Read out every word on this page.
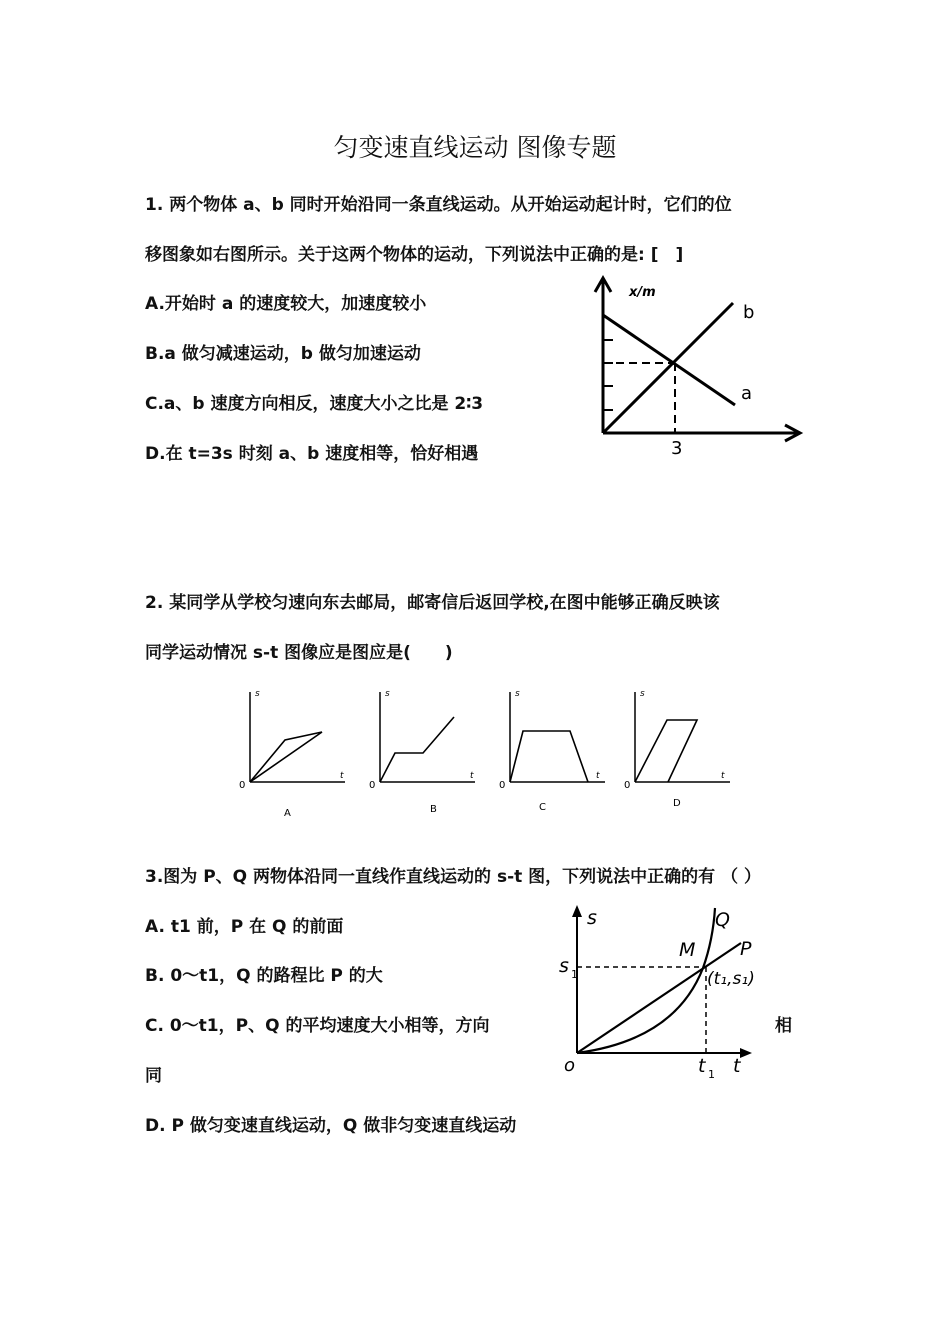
匀变速直线运动 图像专题
1. 两个物体 a、b 同时开始沿同一条直线运动。从开始运动起计时，它们的位
移图象如右图所示。关于这两个物体的运动，下列说法中正确的是: [　]
A.开始时 a 的速度较大，加速度较小
B.a 做匀减速运动，b 做匀加速运动
C.a、b 速度方向相反，速度大小之比是 2∶3
D.在 t=3s 时刻 a、b 速度相等，恰好相遇
x/m
b
a
3
2. 某同学从学校匀速向东去邮局，邮寄信后返回学校,在图中能够正确反映该
同学运动情况 s-t 图像应是图应是(　　)
s
t
0
A
s
t
0
B
s
t
0
C
s
t
0
D
3.图为 P、Q 两物体沿同一直线作直线运动的 s-t 图，下列说法中正确的有 （ ）
A. t1 前，P 在 Q 的前面
B. 0～t1，Q 的路程比 P 的大
C. 0～t1，P、Q 的平均速度大小相等，方向	相
同
D. P 做匀变速直线运动，Q 做非匀变速直线运动
s
t
o
s 1
t 1
Q
P
M
(t₁,s₁)
